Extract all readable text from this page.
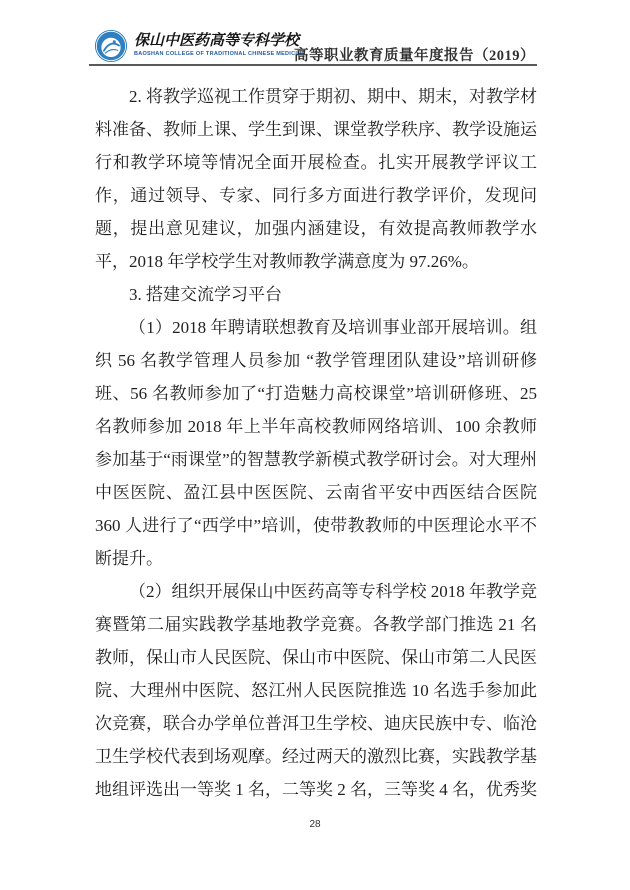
保山中医药高等专科学校
BAOSHAN COLLEGE OF TRADITIONAL CHINESE MEDICINE
高等职业教育质量年度报告（2019）

2. 将教学巡视工作贯穿于期初、期中、期末，对教学材料准备、教师上课、学生到课、课堂教学秩序、教学设施运行和教学环境等情况全面开展检查。扎实开展教学评议工作，通过领导、专家、同行多方面进行教学评价，发现问题，提出意见建议，加强内涵建设，有效提高教师教学水平，2018 年学校学生对教师教学满意度为 97.26%。

3. 搭建交流学习平台

（1）2018 年聘请联想教育及培训事业部开展培训。组织 56 名教学管理人员参加 “教学管理团队建设”培训研修班、56 名教师参加了“打造魅力高校课堂”培训研修班、25 名教师参加 2018 年上半年高校教师网络培训、100 余教师参加基于“雨课堂”的智慧教学新模式教学研讨会。对大理州中医医院、盈江县中医医院、云南省平安中西医结合医院 360 人进行了“西学中”培训，使带教教师的中医理论水平不断提升。

（2）组织开展保山中医药高等专科学校 2018 年教学竞赛暨第二届实践教学基地教学竞赛。各教学部门推选 21 名教师，保山市人民医院、保山市中医院、保山市第二人民医院、大理州中医院、怒江州人民医院推选 10 名选手参加此次竞赛，联合办学单位普洱卫生学校、迪庆民族中专、临沧卫生学校代表到场观摩。经过两天的激烈比赛，实践教学基地组评选出一等奖 1 名，二等奖 2 名，三等奖 4 名，优秀奖

28
